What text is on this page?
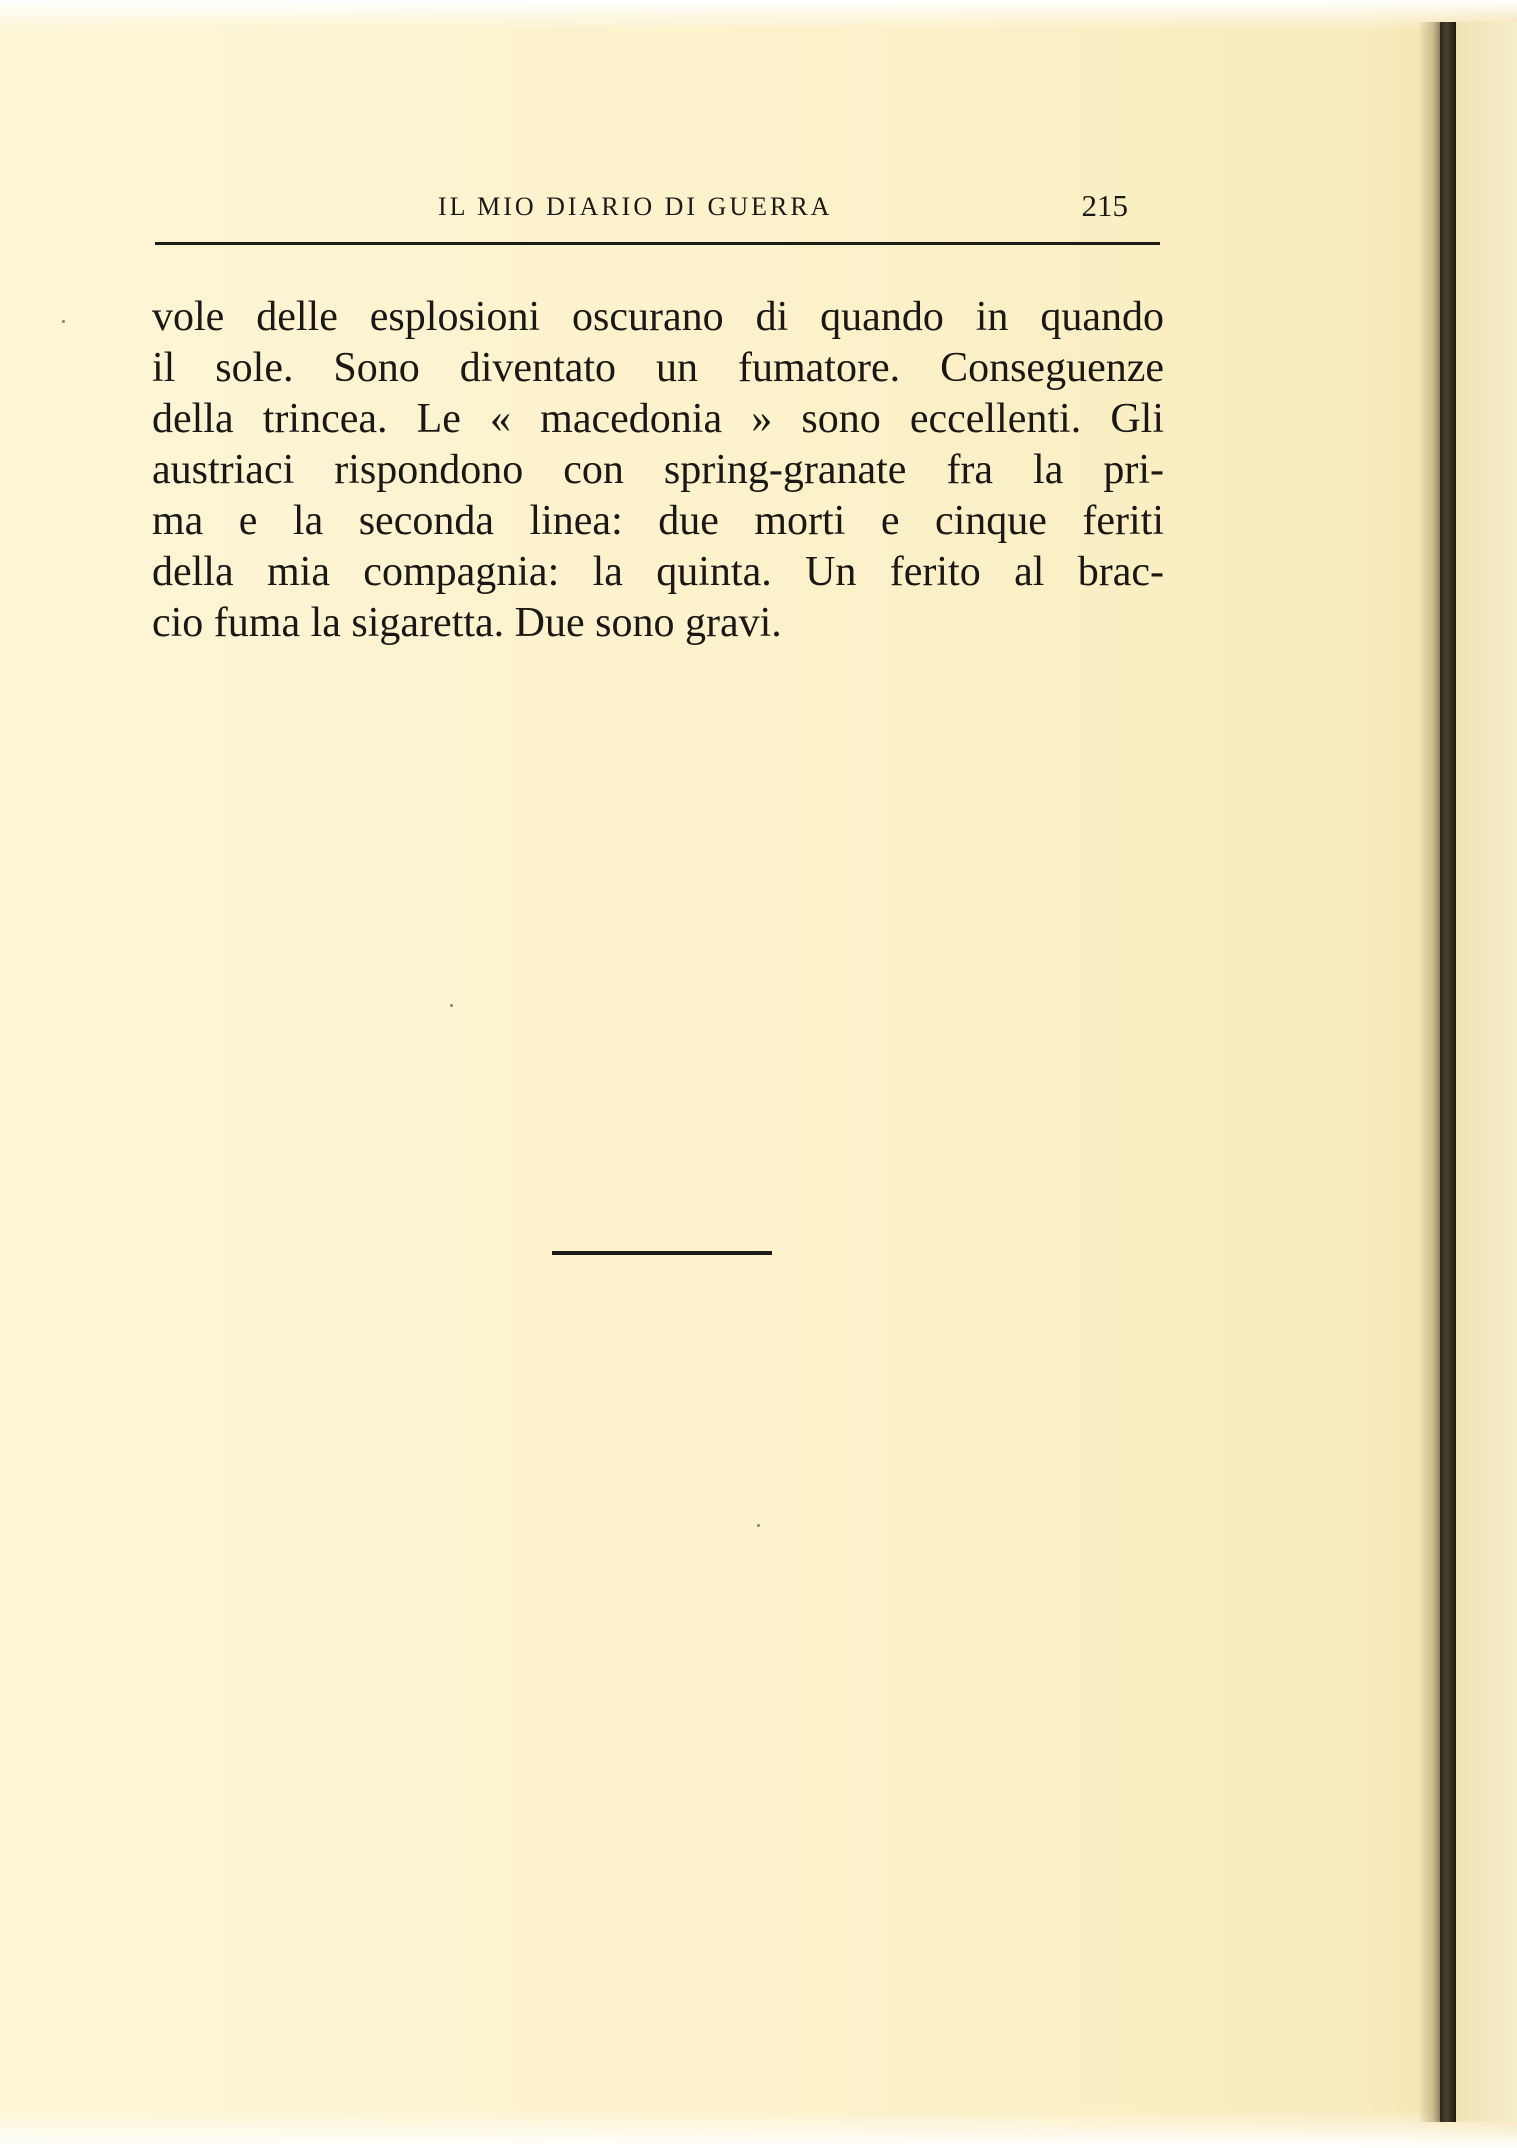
IL MIO DIARIO DI GUERRA	215
vole delle esplosioni oscurano di quando in quando
il sole. Sono diventato un fumatore. Conseguenze
della trincea. Le « macedonia » sono eccellenti. Gli
austriaci rispondono con spring-granate fra la pri-
ma e la seconda linea: due morti e cinque feriti
della mia compagnia: la quinta. Un ferito al brac-
cio fuma la sigaretta. Due sono gravi.
